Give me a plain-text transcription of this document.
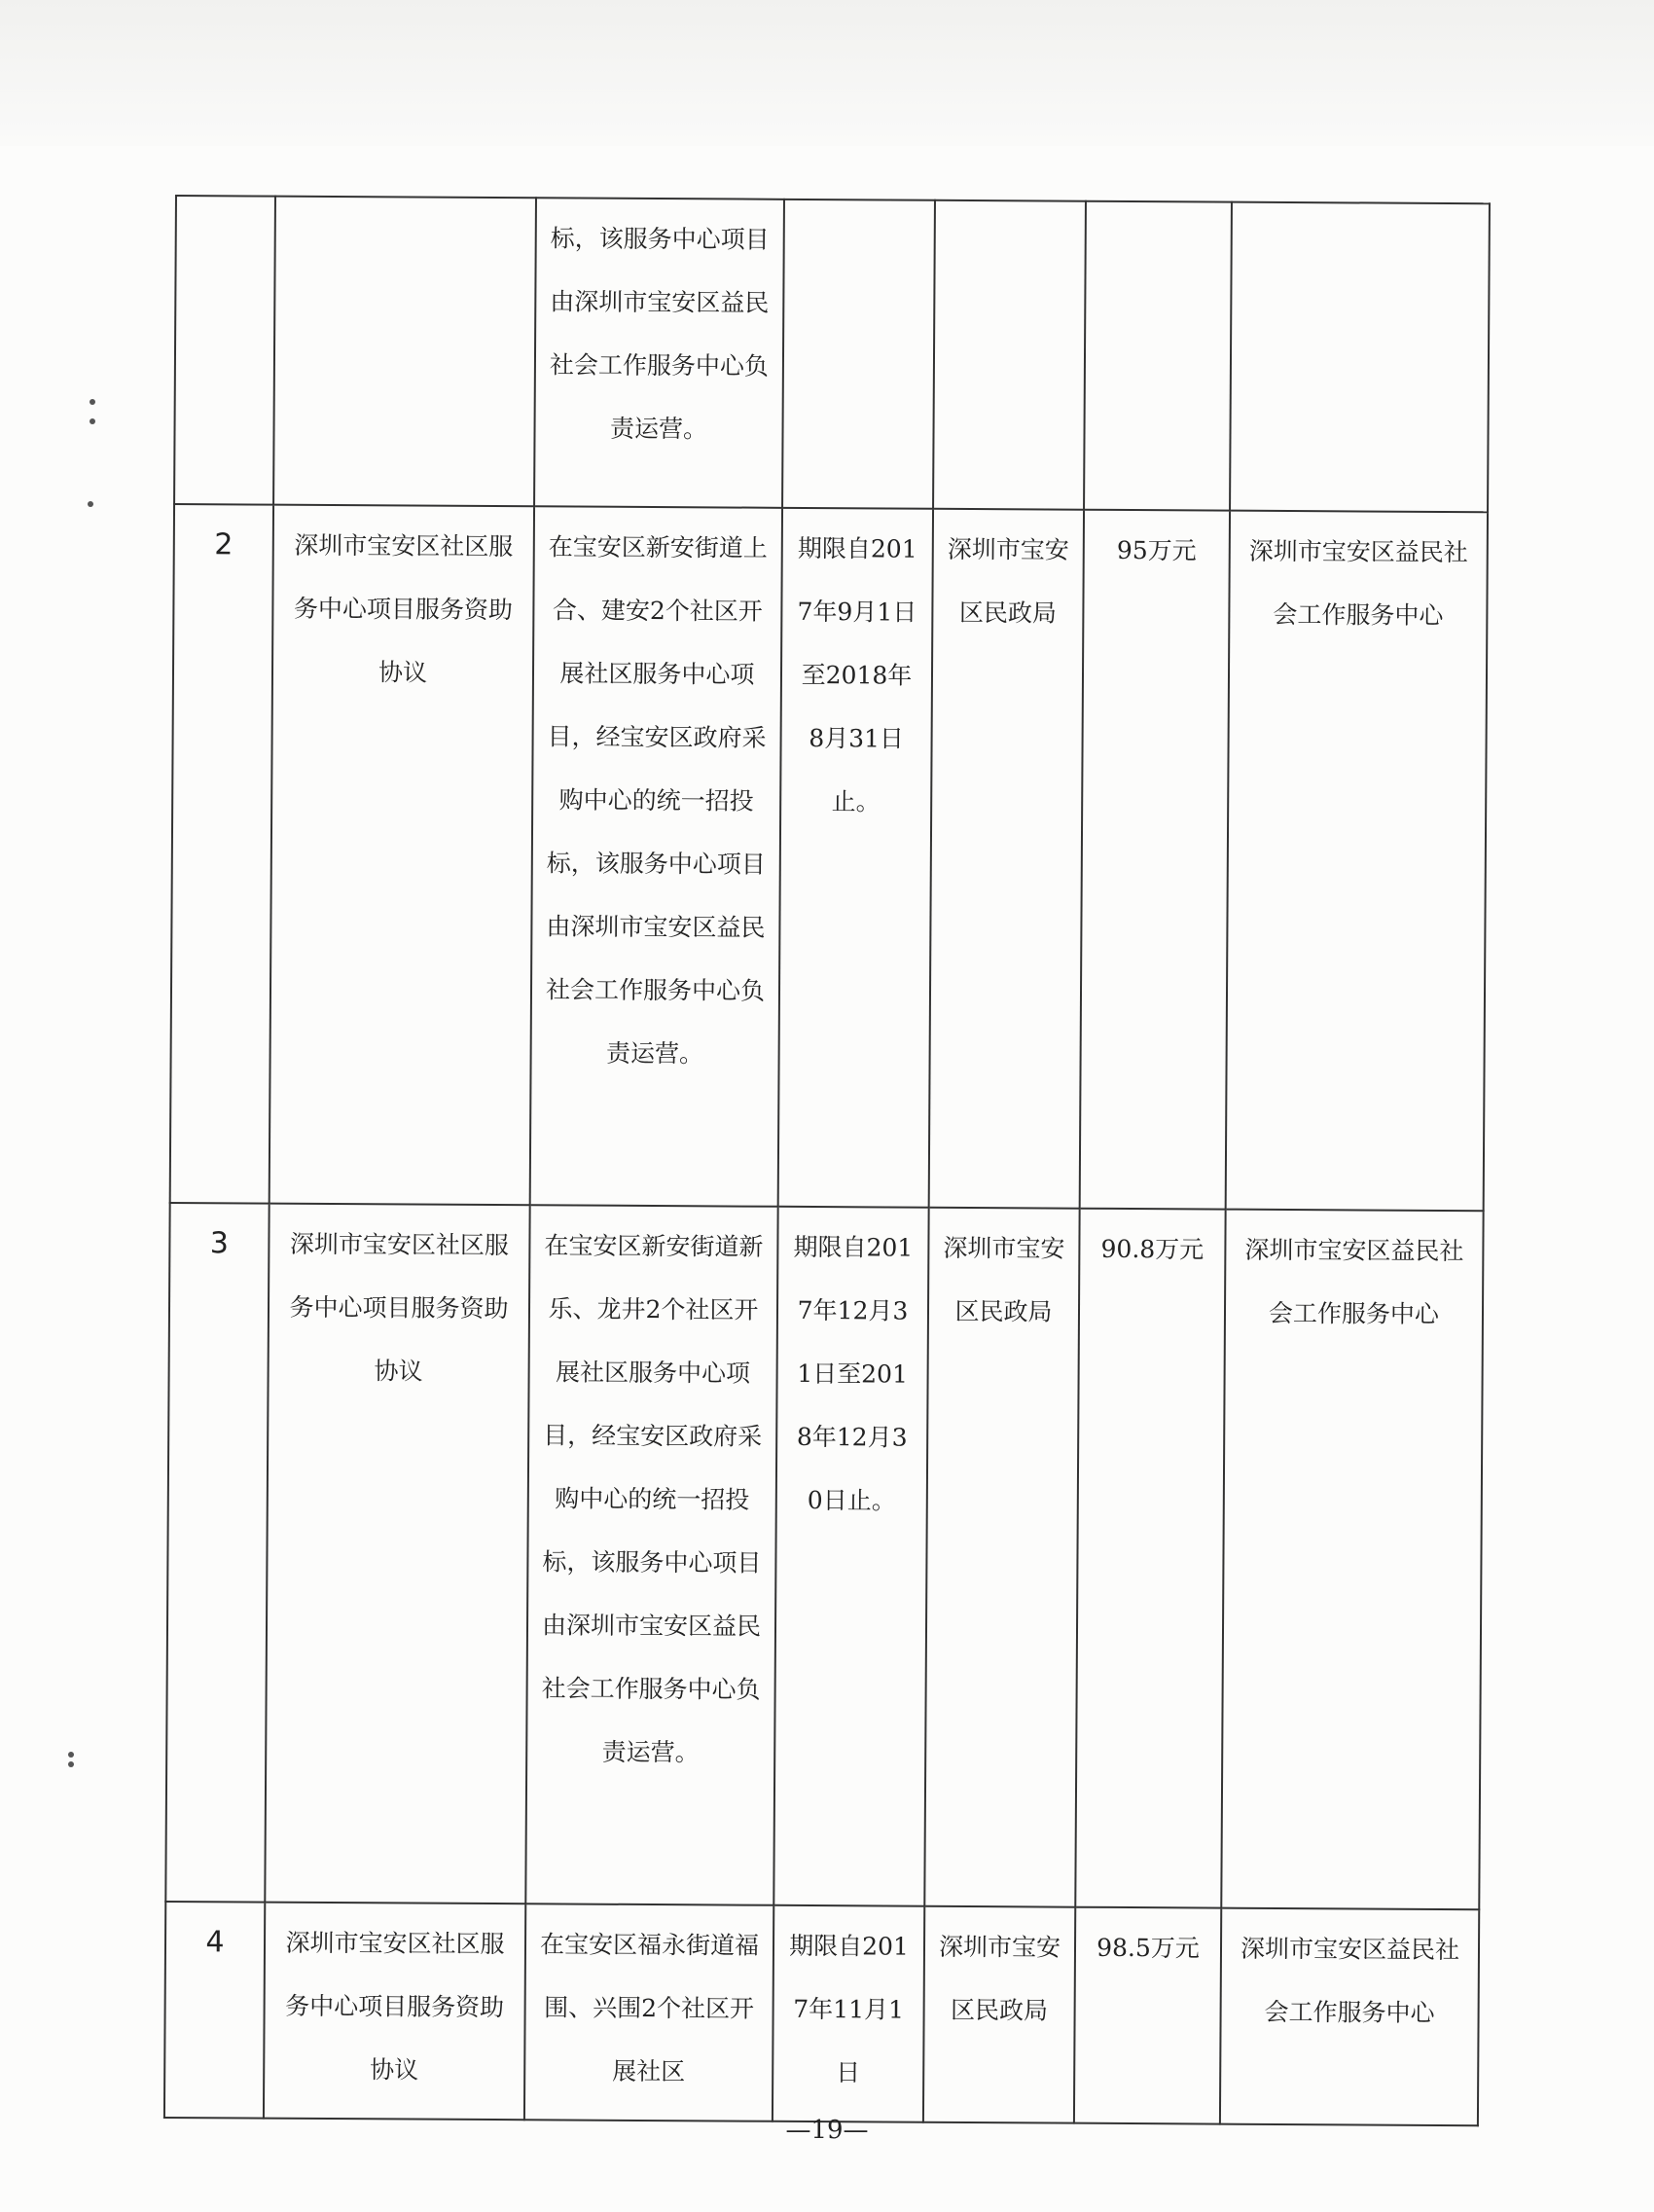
		标，该服务中心项目由深圳市宝安区益民社会工作服务中心负责运营。				

2	深圳市宝安区社区服务中心项目服务资助协议	在宝安区新安街道上合、建安2个社区开展社区服务中心项目，经宝安区政府采购中心的统一招投标，该服务中心项目由深圳市宝安区益民社会工作服务中心负责运营。	期限自2017年9月1日至2018年8月31日止。	深圳市宝安区民政局	95万元	深圳市宝安区益民社会工作服务中心

3	深圳市宝安区社区服务中心项目服务资助协议	在宝安区新安街道新乐、龙井2个社区开展社区服务中心项目，经宝安区政府采购中心的统一招投标，该服务中心项目由深圳市宝安区益民社会工作服务中心负责运营。	期限自2017年12月31日至2018年12月30日止。	深圳市宝安区民政局	90.8万元	深圳市宝安区益民社会工作服务中心

4	深圳市宝安区社区服务中心项目服务资助协议	在宝安区福永街道福围、兴围2个社区开展社区	期限自2017年11月1日	深圳市宝安区民政局	98.5万元	深圳市宝安区益民社会工作服务中心
—19—
